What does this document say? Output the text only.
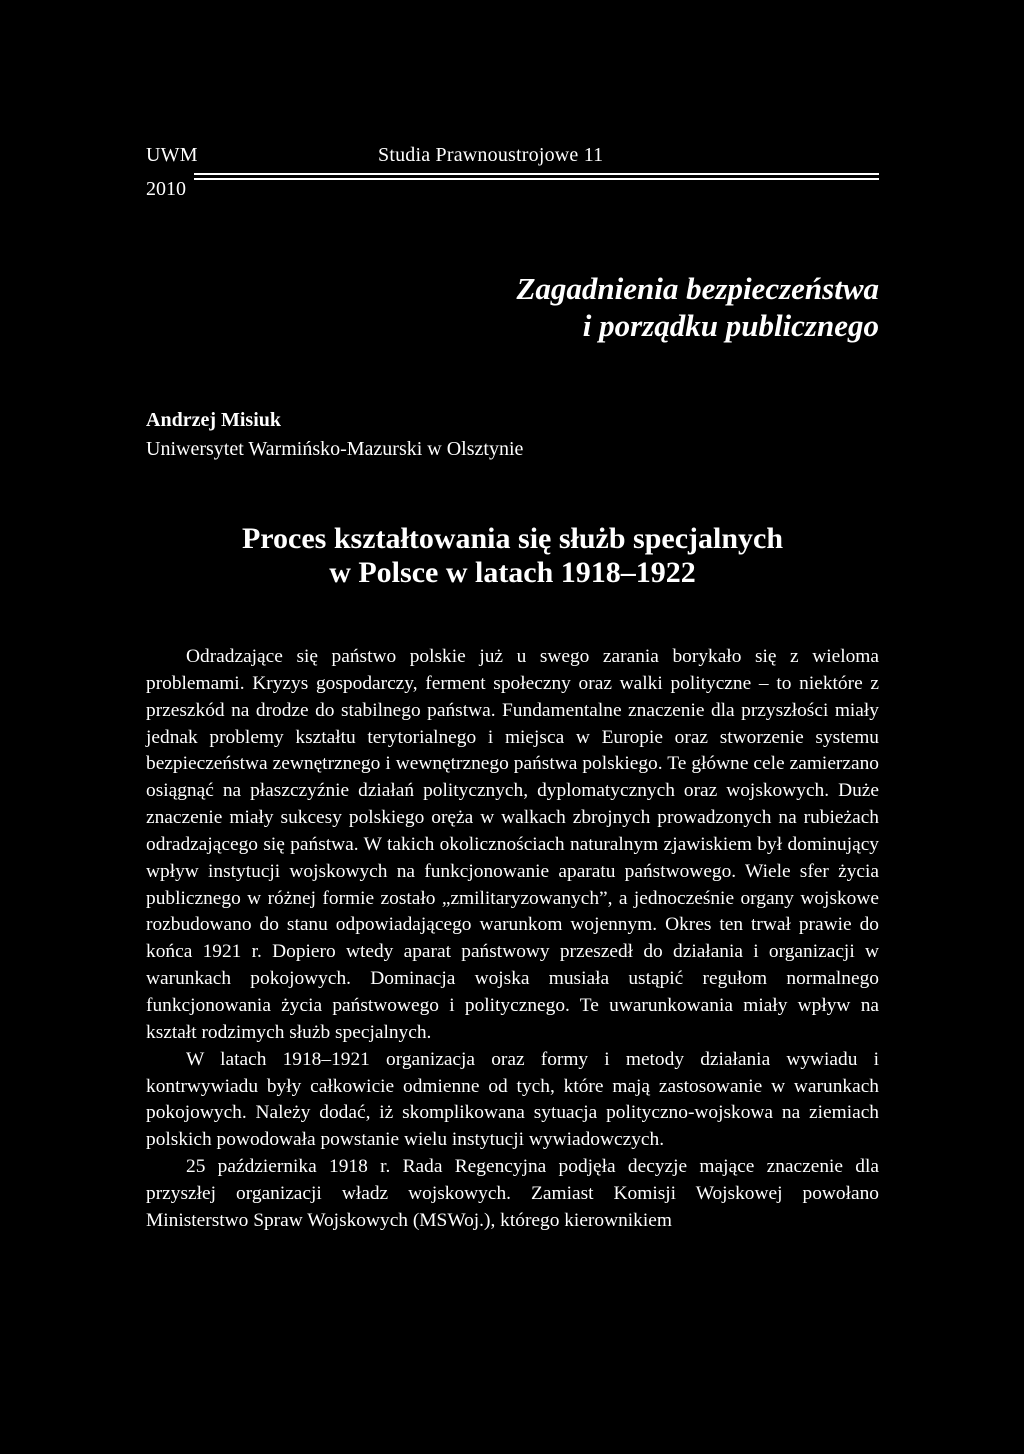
UWM	Studia Prawnoustrojowe 11
2010
Zagadnienia bezpieczeństwa
i porządku publicznego
Andrzej Misiuk
Uniwersytet Warmińsko-Mazurski w Olsztynie
Proces kształtowania się służb specjalnych
w Polsce w latach 1918–1922

Odradzające się państwo polskie już u swego zarania borykało się z wieloma problemami. Kryzys gospodarczy, ferment społeczny oraz walki polityczne – to niektóre z przeszkód na drodze do stabilnego państwa. Fundamentalne znaczenie dla przyszłości miały jednak problemy kształtu terytorialnego i miejsca w Europie oraz stworzenie systemu bezpieczeństwa zewnętrznego i wewnętrznego państwa polskiego. Te główne cele zamierzano osiągnąć na płaszczyźnie działań politycznych, dyplomatycznych oraz wojskowych. Duże znaczenie miały sukcesy polskiego oręża w walkach zbrojnych prowadzonych na rubieżach odradzającego się państwa. W takich okolicznościach naturalnym zjawiskiem był dominujący wpływ instytucji wojskowych na funkcjonowanie aparatu państwowego. Wiele sfer życia publicznego w różnej formie zostało „zmilitaryzowanych”, a jednocześnie organy wojskowe rozbudowano do stanu odpowiadającego warunkom wojennym. Okres ten trwał prawie do końca 1921 r. Dopiero wtedy aparat państwowy przeszedł do działania i organizacji w warunkach pokojowych. Dominacja wojska musiała ustąpić regułom normalnego funkcjonowania życia państwowego i politycznego. Te uwarunkowania miały wpływ na kształt rodzimych służb specjalnych.

W latach 1918–1921 organizacja oraz formy i metody działania wywiadu i kontrwywiadu były całkowicie odmienne od tych, które mają zastosowanie w warunkach pokojowych. Należy dodać, iż skomplikowana sytuacja polityczno-wojskowa na ziemiach polskich powodowała powstanie wielu instytucji wywiadowczych.

25 października 1918 r. Rada Regencyjna podjęła decyzje mające znaczenie dla przyszłej organizacji władz wojskowych. Zamiast Komisji Wojskowej powołano Ministerstwo Spraw Wojskowych (MSWoj.), którego kierownikiem
